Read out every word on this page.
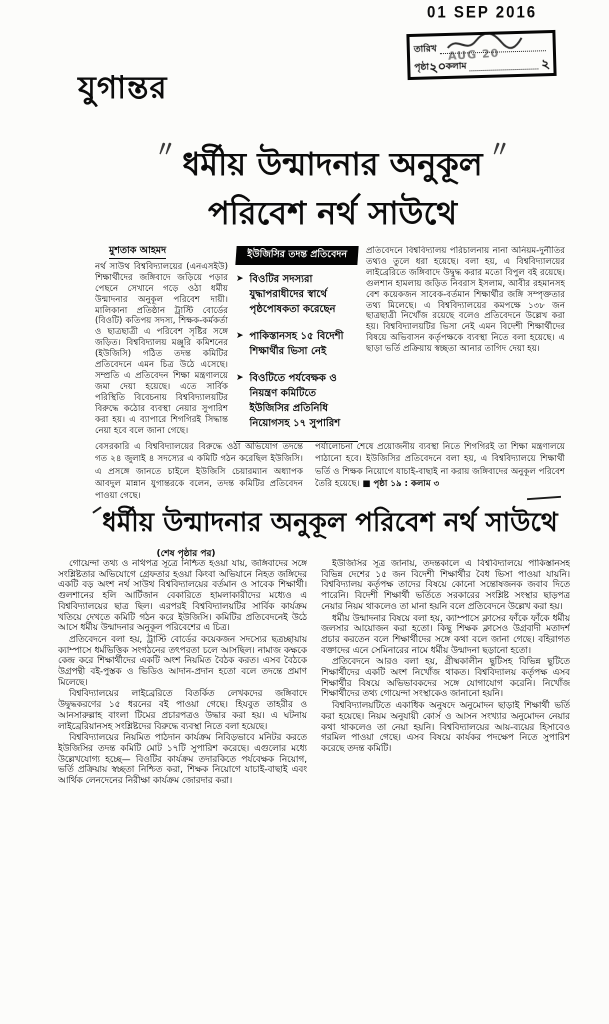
01 SEP 2016
AUG 20
তারিখ
পৃষ্ঠা
২০
কলাম	২
যুগান্তর
〃 ধর্মীয় উন্মাদনার অনুকূল 〃
পরিবেশ নর্থ সাউথে
মুশতাক আহমদ
নর্থ সাউথ বিশ্ববিদ্যালয়ের (এনএসইউ) শিক্ষার্থীদের জঙ্গিবাদে জড়িয়ে পড়ার পেছনে সেখানে গড়ে ওঠা ধর্মীয় উন্মাদনার অনুকূল পরিবেশ দায়ী। মালিকানা প্রতিষ্ঠান ট্রাস্টি বোর্ডের (বিওটি) কতিপয় সদস্য, শিক্ষক-কর্মকর্তা ও ছাত্রছাত্রী এ পরিবেশ সৃষ্টির সঙ্গে জড়িত। বিশ্ববিদ্যালয় মঞ্জুরি কমিশনের (ইউজিসি) গঠিত তদন্ত কমিটির প্রতিবেদনে এমন চিত্র উঠে এসেছে। সম্প্রতি এ প্রতিবেদন শিক্ষা মন্ত্রণালয়ে জমা দেয়া হয়েছে। এতে সার্বিক পরিস্থিতি বিবেচনায় বিশ্ববিদ্যালয়টির বিরুদ্ধে কঠোর ব্যবস্থা নেয়ার সুপারিশ করা হয়। এ ব্যাপারে শিগগিরই সিদ্ধান্ত নেয়া হবে বলে জানা গেছে।
ইউজিসির তদন্ত প্রতিবেদন
➤ বিওটির সদস্যরা যুদ্ধাপরাধীদের স্বার্থে পৃষ্ঠপোষকতা করেছেন
➤ পাকিস্তানসহ ১৫ বিদেশী শিক্ষার্থীর ভিসা নেই
➤ বিওটিতে পর্যবেক্ষক ও নিয়ন্ত্রণ কমিটিতে ইউজিসির প্রতিনিধি নিয়োগসহ ১৭ সুপারিশ
প্রতিবেদনে বিশ্ববিদ্যালয় পরিচালনায় নানা অনিয়ম-দুর্নীতির তথ্যও তুলে ধরা হয়েছে। বলা হয়, এ বিশ্ববিদ্যালয়ের লাইব্রেরিতে জঙ্গিবাদে উদ্বুদ্ধ করার মতো বিপুল বই রয়েছে। গুলশান হামলায় জড়িত নিবরাস ইসলাম, আবীর রহমানসহ বেশ কয়েকজন সাবেক-বর্তমান শিক্ষার্থীর জঙ্গি সম্পৃক্ততার তথ্য মিলেছে। এ বিশ্ববিদ্যালয়ের কমপক্ষে ১৩৮ জন ছাত্রছাত্রী নিখোঁজ রয়েছে বলেও প্রতিবেদনে উল্লেখ করা হয়। বিশ্ববিদ্যালয়টির ভিসা নেই এমন বিদেশী শিক্ষার্থীদের বিষয়ে অভিবাসন কর্তৃপক্ষকে ব্যবস্থা নিতে বলা হয়েছে। এ ছাড়া ভর্তি প্রক্রিয়ায় স্বচ্ছতা আনার তাগিদ দেয়া হয়।
বেসরকারি এ বিশ্ববিদ্যালয়ের বিরুদ্ধে ওঠা অভিযোগ তদন্তে গত ২৪ জুলাই ৪ সদস্যের এ কমিটি গঠন করেছিল ইউজিসি। এ প্রসঙ্গে জানতে চাইলে ইউজিসি চেয়ারম্যান অধ্যাপক আবদুল মান্নান যুগান্তরকে বলেন, তদন্ত কমিটির প্রতিবেদন পাওয়া গেছে।
পর্যালোচনা শেষে প্রয়োজনীয় ব্যবস্থা নিতে শিগগিরই তা শিক্ষা মন্ত্রণালয়ে পাঠানো হবে। ইউজিসির প্রতিবেদনে বলা হয়, এ বিশ্ববিদ্যালয়ে শিক্ষার্থী ভর্তি ও শিক্ষক নিয়োগে যাচাই-বাছাই না করায় জঙ্গিবাদের অনুকূল পরিবেশ তৈরি হয়েছে। ■ পৃষ্ঠা ১৯ : কলাম ৩
ধর্মীয় উন্মাদনার অনুকূল পরিবেশ নর্থ সাউথে
(শেষ পৃষ্ঠার পর)

গোয়েন্দা তথ্য ও নথিপত্র সূত্রে নিশ্চিত হওয়া যায়, জঙ্গিবাদের সঙ্গে সংশ্লিষ্টতার অভিযোগে গ্রেফতার হওয়া কিংবা অভিযানে নিহত জঙ্গিদের একটি বড় অংশ নর্থ সাউথ বিশ্ববিদ্যালয়ের বর্তমান ও সাবেক শিক্ষার্থী। গুলশানের হলি আর্টিজান বেকারিতে হামলাকারীদের মধ্যেও এ বিশ্ববিদ্যালয়ের ছাত্র ছিল। এরপরই বিশ্ববিদ্যালয়টির সার্বিক কার্যক্রম খতিয়ে দেখতে কমিটি গঠন করে ইউজিসি। কমিটির প্রতিবেদনেই উঠে আসে ধর্মীয় উন্মাদনার অনুকূল পরিবেশের এ চিত্র।

প্রতিবেদনে বলা হয়, ট্রাস্টি বোর্ডের কয়েকজন সদস্যের ছত্রচ্ছায়ায় ক্যাম্পাসে ধর্মভিত্তিক সংগঠনের তৎপরতা চলে আসছিল। নামাজ কক্ষকে কেন্দ্র করে শিক্ষার্থীদের একটি অংশ নিয়মিত বৈঠক করত। এসব বৈঠকে উগ্রপন্থী বই-পুস্তক ও ভিডিও আদান-প্রদান হতো বলে তদন্তে প্রমাণ মিলেছে।

বিশ্ববিদ্যালয়ের লাইব্রেরিতে বিতর্কিত লেখকদের জঙ্গিবাদে উদ্বুদ্ধকরণের ১৫ ধরনের বই পাওয়া গেছে। হিযবুত তাহরীর ও আনসারুল্লাহ বাংলা টিমের প্রচারপত্রও উদ্ধার করা হয়। এ ঘটনায় লাইব্রেরিয়ানসহ সংশ্লিষ্টদের বিরুদ্ধে ব্যবস্থা নিতে বলা হয়েছে।

বিশ্ববিদ্যালয়ের নিয়মিত পাঠদান কার্যক্রম নিবিড়ভাবে মনিটর করতে ইউজিসির তদন্ত কমিটি মোট ১৭টি সুপারিশ করেছে। এগুলোর মধ্যে উল্লেখযোগ্য হচ্ছে— বিওটির কার্যক্রম তদারকিতে পর্যবেক্ষক নিয়োগ, ভর্তি প্রক্রিয়ায় স্বচ্ছতা নিশ্চিত করা, শিক্ষক নিয়োগে যাচাই-বাছাই এবং আর্থিক লেনদেনের নিরীক্ষা কার্যক্রম জোরদার করা।

ইউজিসির সূত্র জানায়, তদন্তকালে এ বিশ্ববিদ্যালয়ে পাকিস্তানসহ বিভিন্ন দেশের ১৫ জন বিদেশী শিক্ষার্থীর বৈধ ভিসা পাওয়া যায়নি। বিশ্ববিদ্যালয় কর্তৃপক্ষ তাদের বিষয়ে কোনো সন্তোষজনক জবাব দিতে পারেনি। বিদেশী শিক্ষার্থী ভর্তিতে সরকারের সংশ্লিষ্ট সংস্থার ছাড়পত্র নেয়ার নিয়ম থাকলেও তা মানা হয়নি বলে প্রতিবেদনে উল্লেখ করা হয়।

ধর্মীয় উন্মাদনার বিষয়ে বলা হয়, ক্যাম্পাসে ক্লাসের ফাঁকে ফাঁকে ধর্মীয় জলসার আয়োজন করা হতো। কিছু শিক্ষক ক্লাসেও উগ্রবাদী মতাদর্শ প্রচার করতেন বলে শিক্ষার্থীদের সঙ্গে কথা বলে জানা গেছে। বহিরাগত বক্তাদের এনে সেমিনারের নামে ধর্মীয় উন্মাদনা ছড়ানো হতো।

প্রতিবেদনে আরও বলা হয়, গ্রীষ্মকালীন ছুটিসহ বিভিন্ন ছুটিতে শিক্ষার্থীদের একটি অংশ নিখোঁজ থাকত। বিশ্ববিদ্যালয় কর্তৃপক্ষ এসব শিক্ষার্থীর বিষয়ে অভিভাবকদের সঙ্গে যোগাযোগ করেনি। নিখোঁজ শিক্ষার্থীদের তথ্য গোয়েন্দা সংস্থাকেও জানানো হয়নি।

বিশ্ববিদ্যালয়টিতে একাধিক অনুষদে অনুমোদন ছাড়াই শিক্ষার্থী ভর্তি করা হয়েছে। নিয়ম অনুযায়ী কোর্স ও আসন সংখ্যার অনুমোদন নেয়ার কথা থাকলেও তা নেয়া হয়নি। বিশ্ববিদ্যালয়ের আয়-ব্যয়ের হিসাবেও গরমিল পাওয়া গেছে। এসব বিষয়ে কার্যকর পদক্ষেপ নিতে সুপারিশ করেছে তদন্ত কমিটি।
